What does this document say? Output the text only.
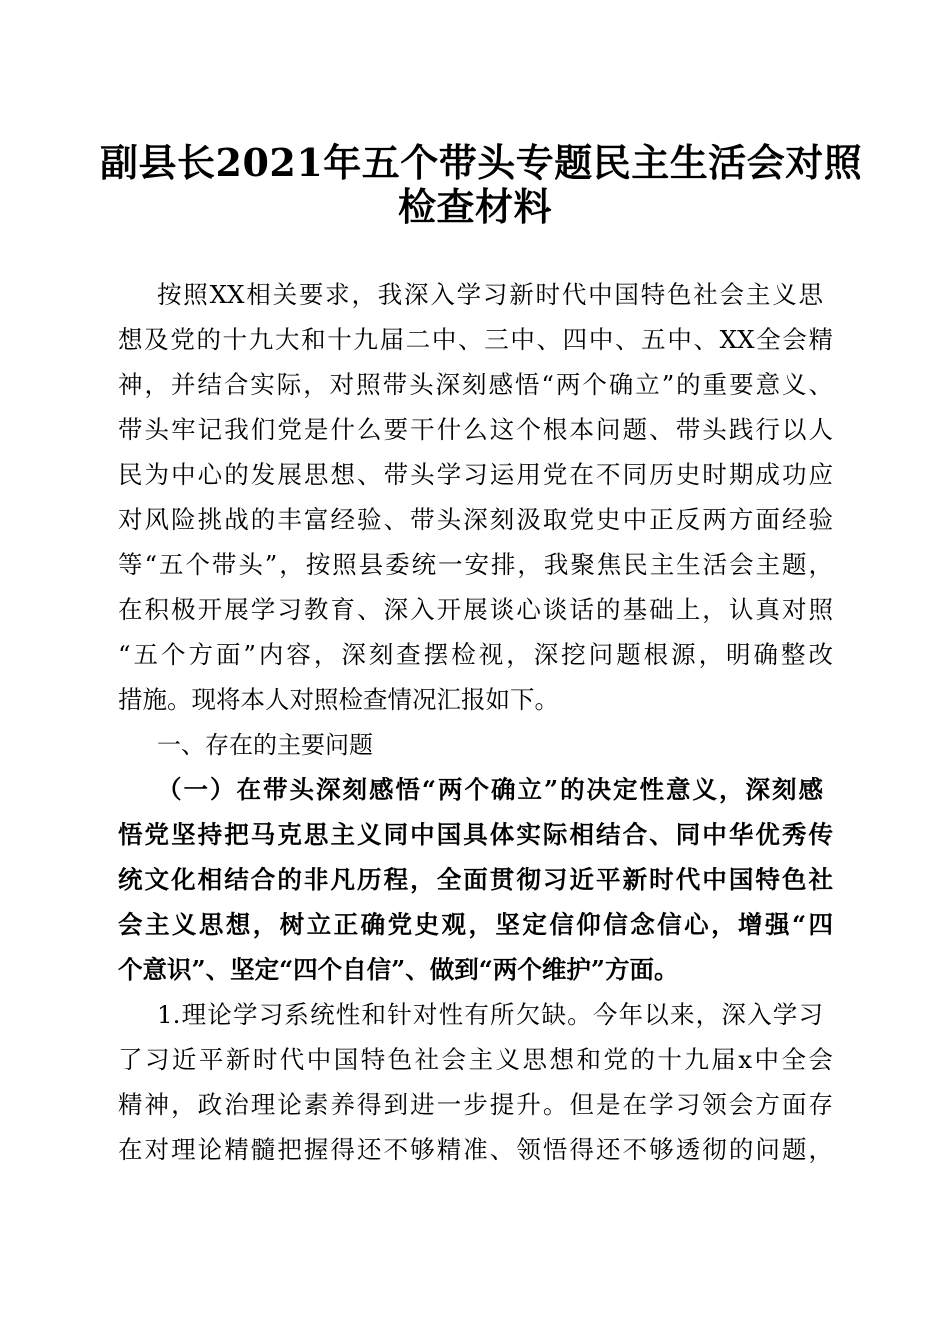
副县长2021年五个带头专题民主生活会对照
检查材料
按照XX相关要求，我深入学习新时代中国特色社会主义思
想及党的十九大和十九届二中、三中、四中、五中、XX全会精
神，并结合实际，对照带头深刻感悟“两个确立”的重要意义、
带头牢记我们党是什么要干什么这个根本问题、带头践行以人
民为中心的发展思想、带头学习运用党在不同历史时期成功应
对风险挑战的丰富经验、带头深刻汲取党史中正反两方面经验
等“五个带头”，按照县委统一安排，我聚焦民主生活会主题，
在积极开展学习教育、深入开展谈心谈话的基础上，认真对照
“五个方面”内容，深刻查摆检视，深挖问题根源，明确整改
措施。现将本人对照检查情况汇报如下。
一、存在的主要问题
（一）在带头深刻感悟“两个确立”的决定性意义，深刻感
悟党坚持把马克思主义同中国具体实际相结合、同中华优秀传
统文化相结合的非凡历程，全面贯彻习近平新时代中国特色社
会主义思想，树立正确党史观，坚定信仰信念信心，增强“四
个意识”、坚定“四个自信”、做到“两个维护”方面。
1.理论学习系统性和针对性有所欠缺。今年以来，深入学习
了习近平新时代中国特色社会主义思想和党的十九届x中全会
精神，政治理论素养得到进一步提升。但是在学习领会方面存
在对理论精髓把握得还不够精准、领悟得还不够透彻的问题，
